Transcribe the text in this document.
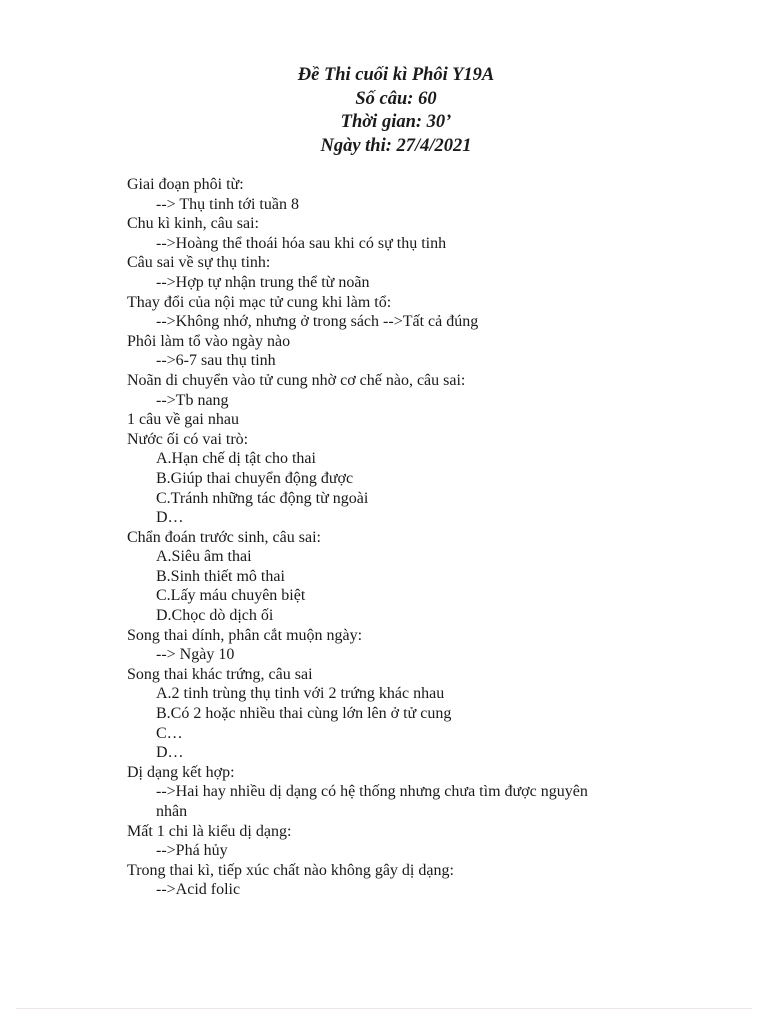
Đề Thi cuối kì Phôi Y19A
Số câu: 60
Thời gian: 30’
Ngày thi: 27/4/2021
Giai đoạn phôi từ:
--> Thụ tinh tới tuần 8
Chu kì kinh, câu sai:
-->Hoàng thể thoái hóa sau khi có sự thụ tinh
Câu sai về sự thụ tinh:
-->Hợp tự nhận trung thể từ noãn
Thay đổi của nội mạc tử cung khi làm tổ:
-->Không nhớ, nhưng ở trong sách -->Tất cả đúng
Phôi làm tổ vào ngày nào
-->6-7 sau thụ tinh
Noãn di chuyển vào tử cung nhờ cơ chế nào, câu sai:
-->Tb nang
1 câu về gai nhau
Nước ối có vai trò:
A.Hạn chế dị tật cho thai
B.Giúp thai chuyển động được
C.Tránh những tác động từ ngoài
D…
Chẩn đoán trước sinh, câu sai:
A.Siêu âm thai
B.Sinh thiết mô thai
C.Lấy máu chuyên biệt
D.Chọc dò dịch ối
Song thai dính, phân cắt muộn ngày:
--> Ngày 10
Song thai khác trứng, câu sai
A.2 tinh trùng thụ tinh với 2 trứng khác nhau
B.Có 2 hoặc nhiều thai cùng lớn lên ở tử cung
C…
D…
Dị dạng kết hợp:
-->Hai hay nhiều dị dạng có hệ thống nhưng chưa tìm được nguyên
nhân
Mất 1 chi là kiểu dị dạng:
-->Phá hủy
Trong thai kì, tiếp xúc chất nào không gây dị dạng:
-->Acid folic
